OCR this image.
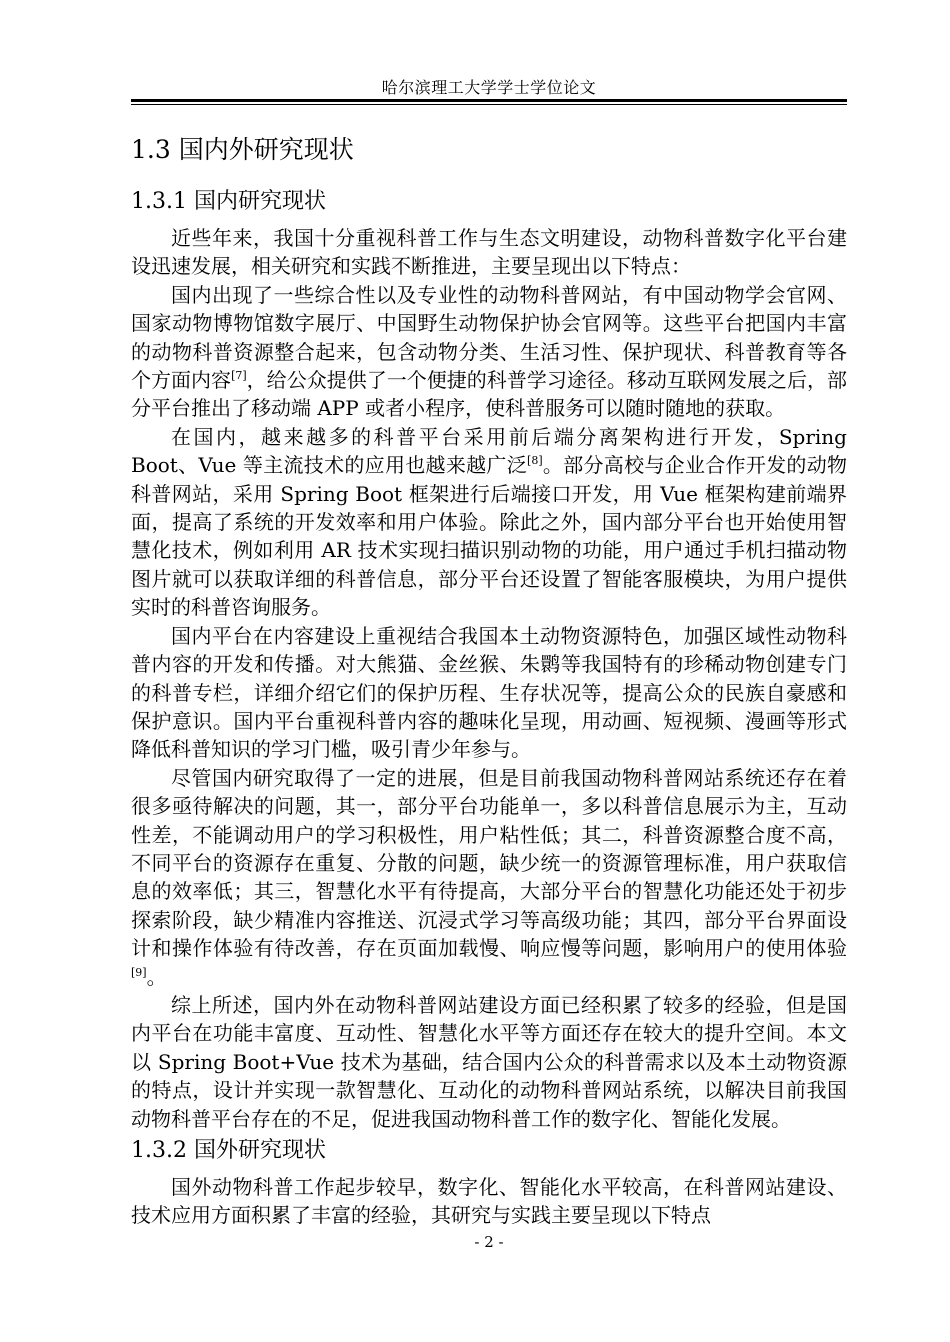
哈尔滨理工大学学士学位论文
1.3 国内外研究现状
1.3.1 国内研究现状

近些年来，我国十分重视科普工作与生态文明建设，动物科普数字化平台建设迅速发展，相关研究和实践不断推进，主要呈现出以下特点：

国内出现了一些综合性以及专业性的动物科普网站，有中国动物学会官网、国家动物博物馆数字展厅、中国野生动物保护协会官网等。这些平台把国内丰富的动物科普资源整合起来，包含动物分类、生活习性、保护现状、科普教育等各个方面内容[7]，给公众提供了一个便捷的科普学习途径。移动互联网发展之后，部分平台推出了移动端 APP 或者小程序，使科普服务可以随时随地的获取。

在国内，越来越多的科普平台采用前后端分离架构进行开发，Spring Boot、Vue 等主流技术的应用也越来越广泛[8]。部分高校与企业合作开发的动物科普网站，采用 Spring Boot 框架进行后端接口开发，用 Vue 框架构建前端界面，提高了系统的开发效率和用户体验。除此之外，国内部分平台也开始使用智慧化技术，例如利用 AR 技术实现扫描识别动物的功能，用户通过手机扫描动物图片就可以获取详细的科普信息，部分平台还设置了智能客服模块，为用户提供实时的科普咨询服务。

国内平台在内容建设上重视结合我国本土动物资源特色，加强区域性动物科普内容的开发和传播。对大熊猫、金丝猴、朱鹮等我国特有的珍稀动物创建专门的科普专栏，详细介绍它们的保护历程、生存状况等，提高公众的民族自豪感和保护意识。国内平台重视科普内容的趣味化呈现，用动画、短视频、漫画等形式降低科普知识的学习门槛，吸引青少年参与。

尽管国内研究取得了一定的进展，但是目前我国动物科普网站系统还存在着很多亟待解决的问题，其一，部分平台功能单一，多以科普信息展示为主，互动性差，不能调动用户的学习积极性，用户粘性低；其二，科普资源整合度不高，不同平台的资源存在重复、分散的问题，缺少统一的资源管理标准，用户获取信息的效率低；其三，智慧化水平有待提高，大部分平台的智慧化功能还处于初步探索阶段，缺少精准内容推送、沉浸式学习等高级功能；其四，部分平台界面设计和操作体验有待改善，存在页面加载慢、响应慢等问题，影响用户的使用体验[9]。

综上所述，国内外在动物科普网站建设方面已经积累了较多的经验，但是国内平台在功能丰富度、互动性、智慧化水平等方面还存在较大的提升空间。本文以 Spring Boot+Vue 技术为基础，结合国内公众的科普需求以及本土动物资源的特点，设计并实现一款智慧化、互动化的动物科普网站系统，以解决目前我国动物科普平台存在的不足，促进我国动物科普工作的数字化、智能化发展。

1.3.2 国外研究现状

国外动物科普工作起步较早，数字化、智能化水平较高，在科普网站建设、技术应用方面积累了丰富的经验，其研究与实践主要呈现以下特点

- 2 -
